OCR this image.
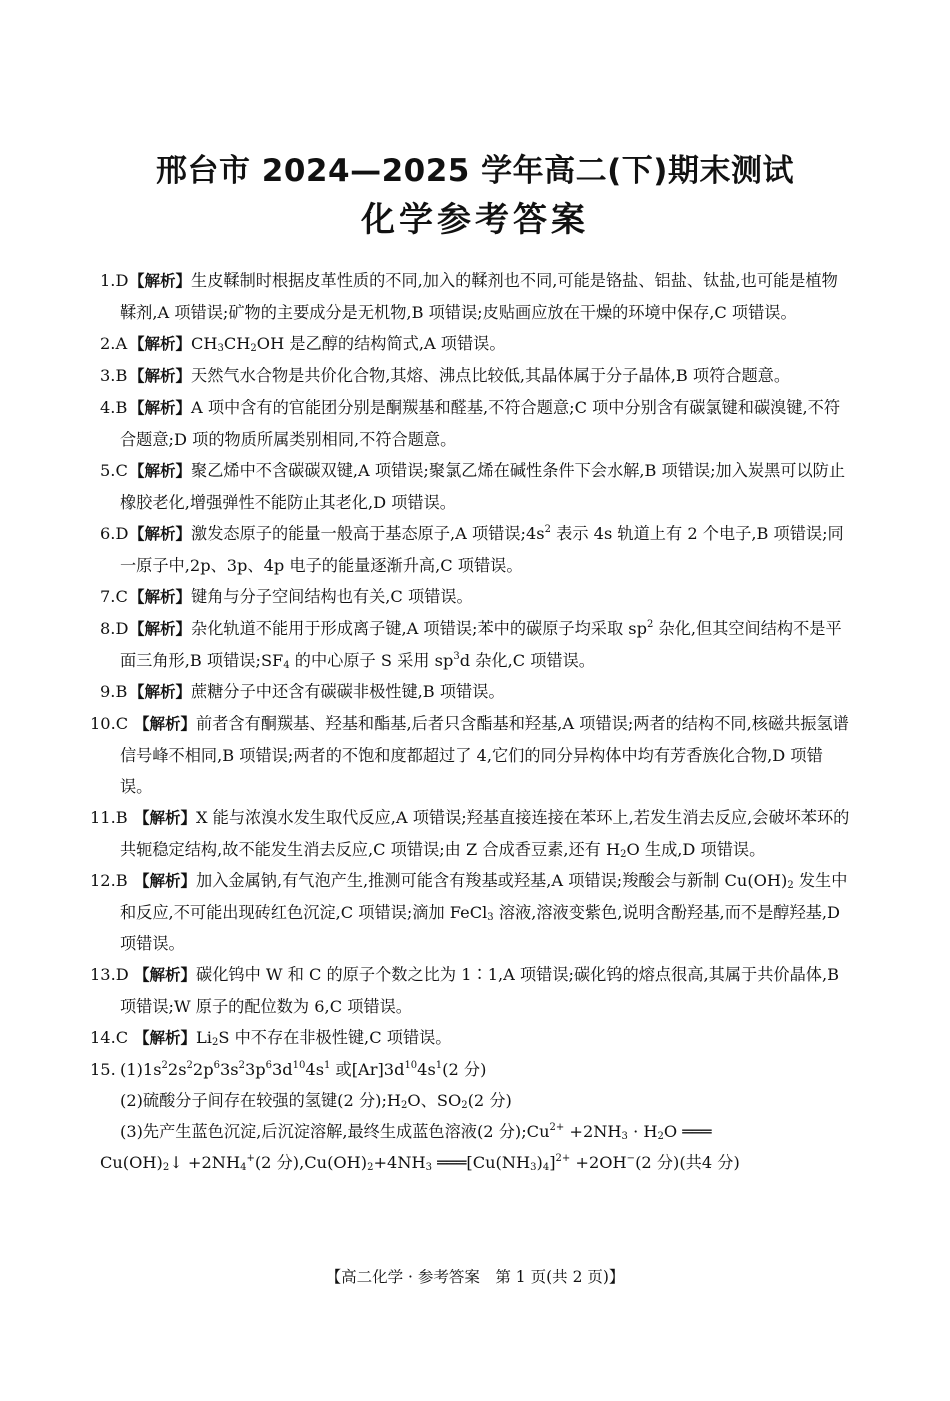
邢台市 2024—2025 学年高二(下)期末测试
化学参考答案
1.D 【解析】生皮鞣制时根据皮革性质的不同,加入的鞣剂也不同,可能是铬盐、铝盐、钛盐,也可能是植物鞣剂,A 项错误;矿物的主要成分是无机物,B 项错误;皮贴画应放在干燥的环境中保存,C 项错误。
2.A 【解析】$CH_3CH_2OH$ 是乙醇的结构简式,A 项错误。
3.B 【解析】天然气水合物是共价化合物,其熔、沸点比较低,其晶体属于分子晶体,B 项符合题意。
4.B 【解析】A 项中含有的官能团分别是酮羰基和醛基,不符合题意;C 项中分别含有碳氯键和碳溴键,不符合题意;D 项的物质所属类别相同,不符合题意。
5.C 【解析】聚乙烯中不含碳碳双键,A 项错误;聚氯乙烯在碱性条件下会水解,B 项错误;加入炭黑可以防止橡胶老化,增强弹性不能防止其老化,D 项错误。
6.D 【解析】激发态原子的能量一般高于基态原子,A 项错误$;4s^2$ 表示 4s 轨道上有 2 个电子,B 项错误;同一原子中,2p、3p、4p 电子的能量逐渐升高,C 项错误。
7.C 【解析】键角与分子空间结构也有关,C 项错误。
8.D 【解析】杂化轨道不能用于形成离子键,A 项错误;苯中的碳原子均采取 $sp^2$ 杂化,但其空间结构不是平面三角形,B 项错误$;SF_4$ 的中心原子 S 采用 $sp^3d$ 杂化,C 项错误。
9.B 【解析】蔗糖分子中还含有碳碳非极性键,B 项错误。
10.C 【解析】前者含有酮羰基、羟基和酯基,后者只含酯基和羟基,A 项错误;两者的结构不同,核磁共振氢谱信号峰不相同,B 项错误;两者的不饱和度都超过了 4,它们的同分异构体中均有芳香族化合物,D 项错误。
11.B 【解析】X 能与浓溴水发生取代反应,A 项错误;羟基直接连接在苯环上,若发生消去反应,会破坏苯环的共轭稳定结构,故不能发生消去反应,C 项错误;由 Z 合成香豆素,还有 $H_2O$ 生成,D 项错误。
12.B 【解析】加入金属钠,有气泡产生,推测可能含有羧基或羟基,A 项错误;羧酸会与新制 $Cu(OH)_2$ 发生中和反应,不可能出现砖红色沉淀,C 项错误;滴加 FeCl$_3$ 溶液,溶液变紫色,说明含酚羟基,而不是醇羟基,D 项错误。
13.D 【解析】碳化钨中 W 和 C 的原子个数之比为 1∶1,A 项错误;碳化钨的熔点很高,其属于共价晶体,B 项错误;W 原子的配位数为 6,C 项错误。
14.C 【解析】$Li_2S$ 中不存在非极性键,C 项错误。
15. $(1)1s^22s^22p^63s^23p^63d^{10}4s^1$ 或$[Ar]3d^{10}4s^1(2$ 分)
(2)硫酸分子间存在较强的氢键(2 分)$;H_2O$、$SO_2(2$ 分)
(3)先产生蓝色沉淀,后沉淀溶解,最终生成蓝色溶液(2 分)$;Cu^{2+} +2NH_3 \cdot H_2O$ ═══
$Cu(OH)_2↓ +2NH_4^+(2$ 分)$,Cu(OH)_2+4NH_3$ $═══[Cu(NH_3)_4]^{2+} +2OH^-(2$ 分)(共4 分)
【高二化学 · 参考答案　第 1 页(共 2 页)】
